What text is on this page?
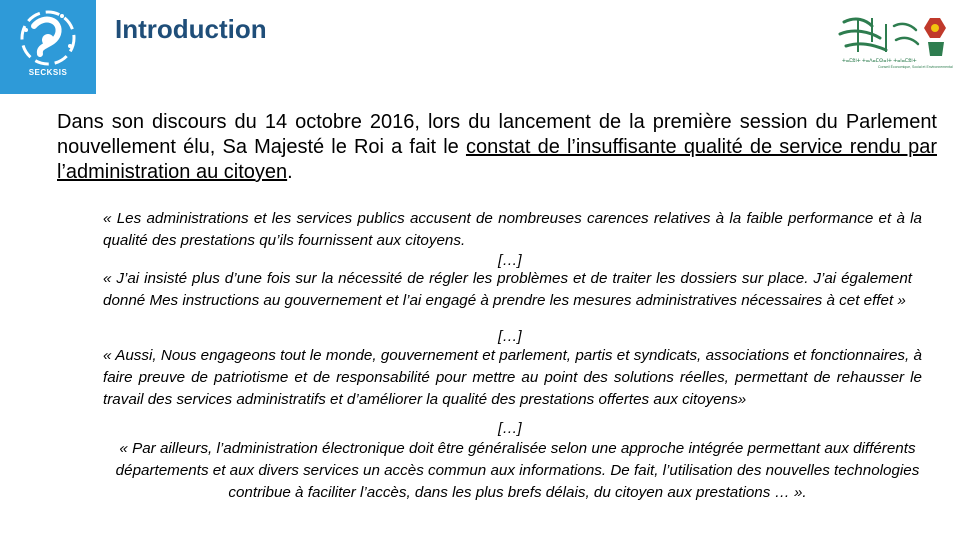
SECKSIS
Introduction
ⵜⴰⵎⵓⵏⵜ ⵜⴰⴷⴰⵎⵙⴰⵏⵜ ⵜⴰⵏⴰⵎⵓⵏⵜ
Conseil Économique, Social et Environnemental
Dans son discours du 14 octobre 2016, lors du lancement de la première session du Parlement nouvellement élu, Sa Majesté le Roi a fait le constat de l’insuffisante qualité de service rendu par l’administration au citoyen.
« Les administrations et les services publics accusent de nombreuses carences relatives à la faible performance et à la qualité des prestations qu’ils fournissent aux citoyens.
[…]
« J’ai insisté plus d’une fois sur la nécessité de régler les problèmes et de traiter les dossiers sur place. J’ai également donné Mes instructions au gouvernement et l’ai engagé à prendre les mesures administratives nécessaires à cet effet »
[…]
« Aussi, Nous engageons tout le monde, gouvernement et parlement, partis et syndicats, associations et fonctionnaires, à faire preuve de patriotisme et de responsabilité pour mettre au point des solutions réelles, permettant de rehausser le travail des services administratifs et d’améliorer la qualité des prestations offertes aux citoyens»
[…]
« Par ailleurs, l’administration électronique doit être généralisée selon une approche intégrée permettant aux différents départements et aux divers services un accès commun aux informations. De fait, l’utilisation des nouvelles technologies contribue à faciliter l’accès, dans les plus brefs délais, du citoyen aux prestations … ».
